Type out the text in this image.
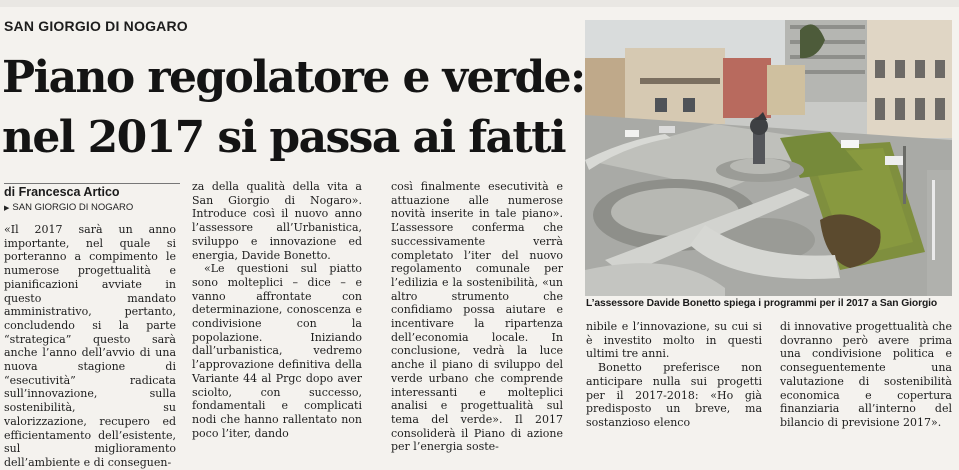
SAN GIORGIO DI NOGARO
Piano regolatore e verde:
nel 2017 si passa ai fatti

di Francesca Artico

▶ SAN GIORGIO DI NOGARO

«Il 2017 sarà un anno importante, nel quale si porteranno a compimento le numerose progettualità e pianificazioni avviate in questo mandato amministrativo, pertanto, concludendo si la parte “strategica” questo sarà anche l’anno dell’avvio di una nuova stagione di “esecutività” radicata sull’innovazione, sulla sostenibilità, su valorizzazione, recupero ed efficientamento dell’esistente, sul miglioramento dell’ambiente e di conseguen-

za della qualità della vita a San Giorgio di Nogaro». Introduce così il nuovo anno l’assessore all’Urbanistica, sviluppo e innovazione ed energia, Davide Bonetto.

«Le questioni sul piatto sono molteplici – dice – e vanno affrontate con determinazione, conoscenza e condivisione con la popolazione. Iniziando dall’urbanistica, vedremo l’approvazione definitiva della Variante 44 al Prgc dopo aver sciolto, con successo, fondamentali e complicati nodi che hanno rallentato non poco l’iter, dando

così finalmente esecutività e attuazione alle numerose novità inserite in tale piano». L’assessore conferma che successivamente verrà completato l’iter del nuovo regolamento comunale per l’edilizia e la sostenibilità, «un altro strumento che confidiamo possa aiutare e incentivare la ripartenza dell’economia locale. In conclusione, vedrà la luce anche il piano di sviluppo del verde urbano che comprende interessanti e molteplici analisi e progettualità sul tema del verde». Il 2017 consoliderà il Piano di azione per l’energia soste-

L’assessore Davide Bonetto spiega i programmi per il 2017 a San Giorgio

nibile e l’innovazione, su cui si è investito molto in questi ultimi tre anni.

Bonetto preferisce non anticipare nulla sui progetti per il 2017-2018: «Ho già predisposto un breve, ma sostanzioso elenco

di innovative progettualità che dovranno però avere prima una condivisione politica e conseguentemente una valutazione di sostenibilità economica e copertura finanziaria all’interno del bilancio di previsione 2017».
